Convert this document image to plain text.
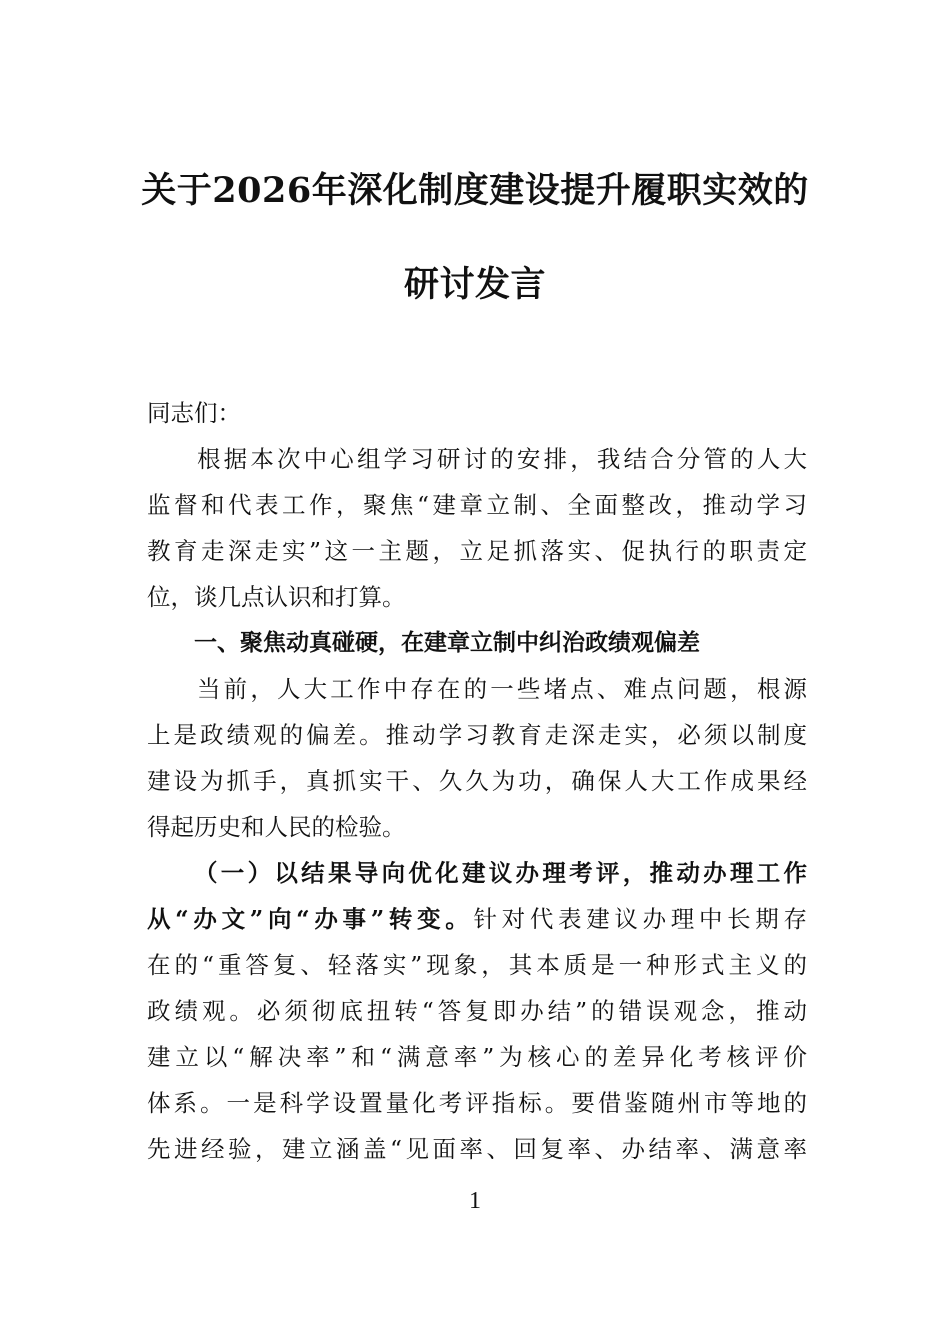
关于2026年深化制度建设提升履职实效的
研讨发言
同志们：
根据本次中心组学习研讨的安排，我结合分管的人大
监督和代表工作，聚焦“建章立制、全面整改，推动学习
教育走深走实”这一主题，立足抓落实、促执行的职责定
位，谈几点认识和打算。
一、聚焦动真碰硬，在建章立制中纠治政绩观偏差
当前，人大工作中存在的一些堵点、难点问题，根源
上是政绩观的偏差。推动学习教育走深走实，必须以制度
建设为抓手，真抓实干、久久为功，确保人大工作成果经
得起历史和人民的检验。
（一）以结果导向优化建议办理考评，推动办理工作
从“办文”向“办事”转变。针对代表建议办理中长期存
在的“重答复、轻落实”现象，其本质是一种形式主义的
政绩观。必须彻底扭转“答复即办结”的错误观念，推动
建立以“解决率”和“满意率”为核心的差异化考核评价
体系。一是科学设置量化考评指标。要借鉴随州市等地的
先进经验，建立涵盖“见面率、回复率、办结率、满意率
1
